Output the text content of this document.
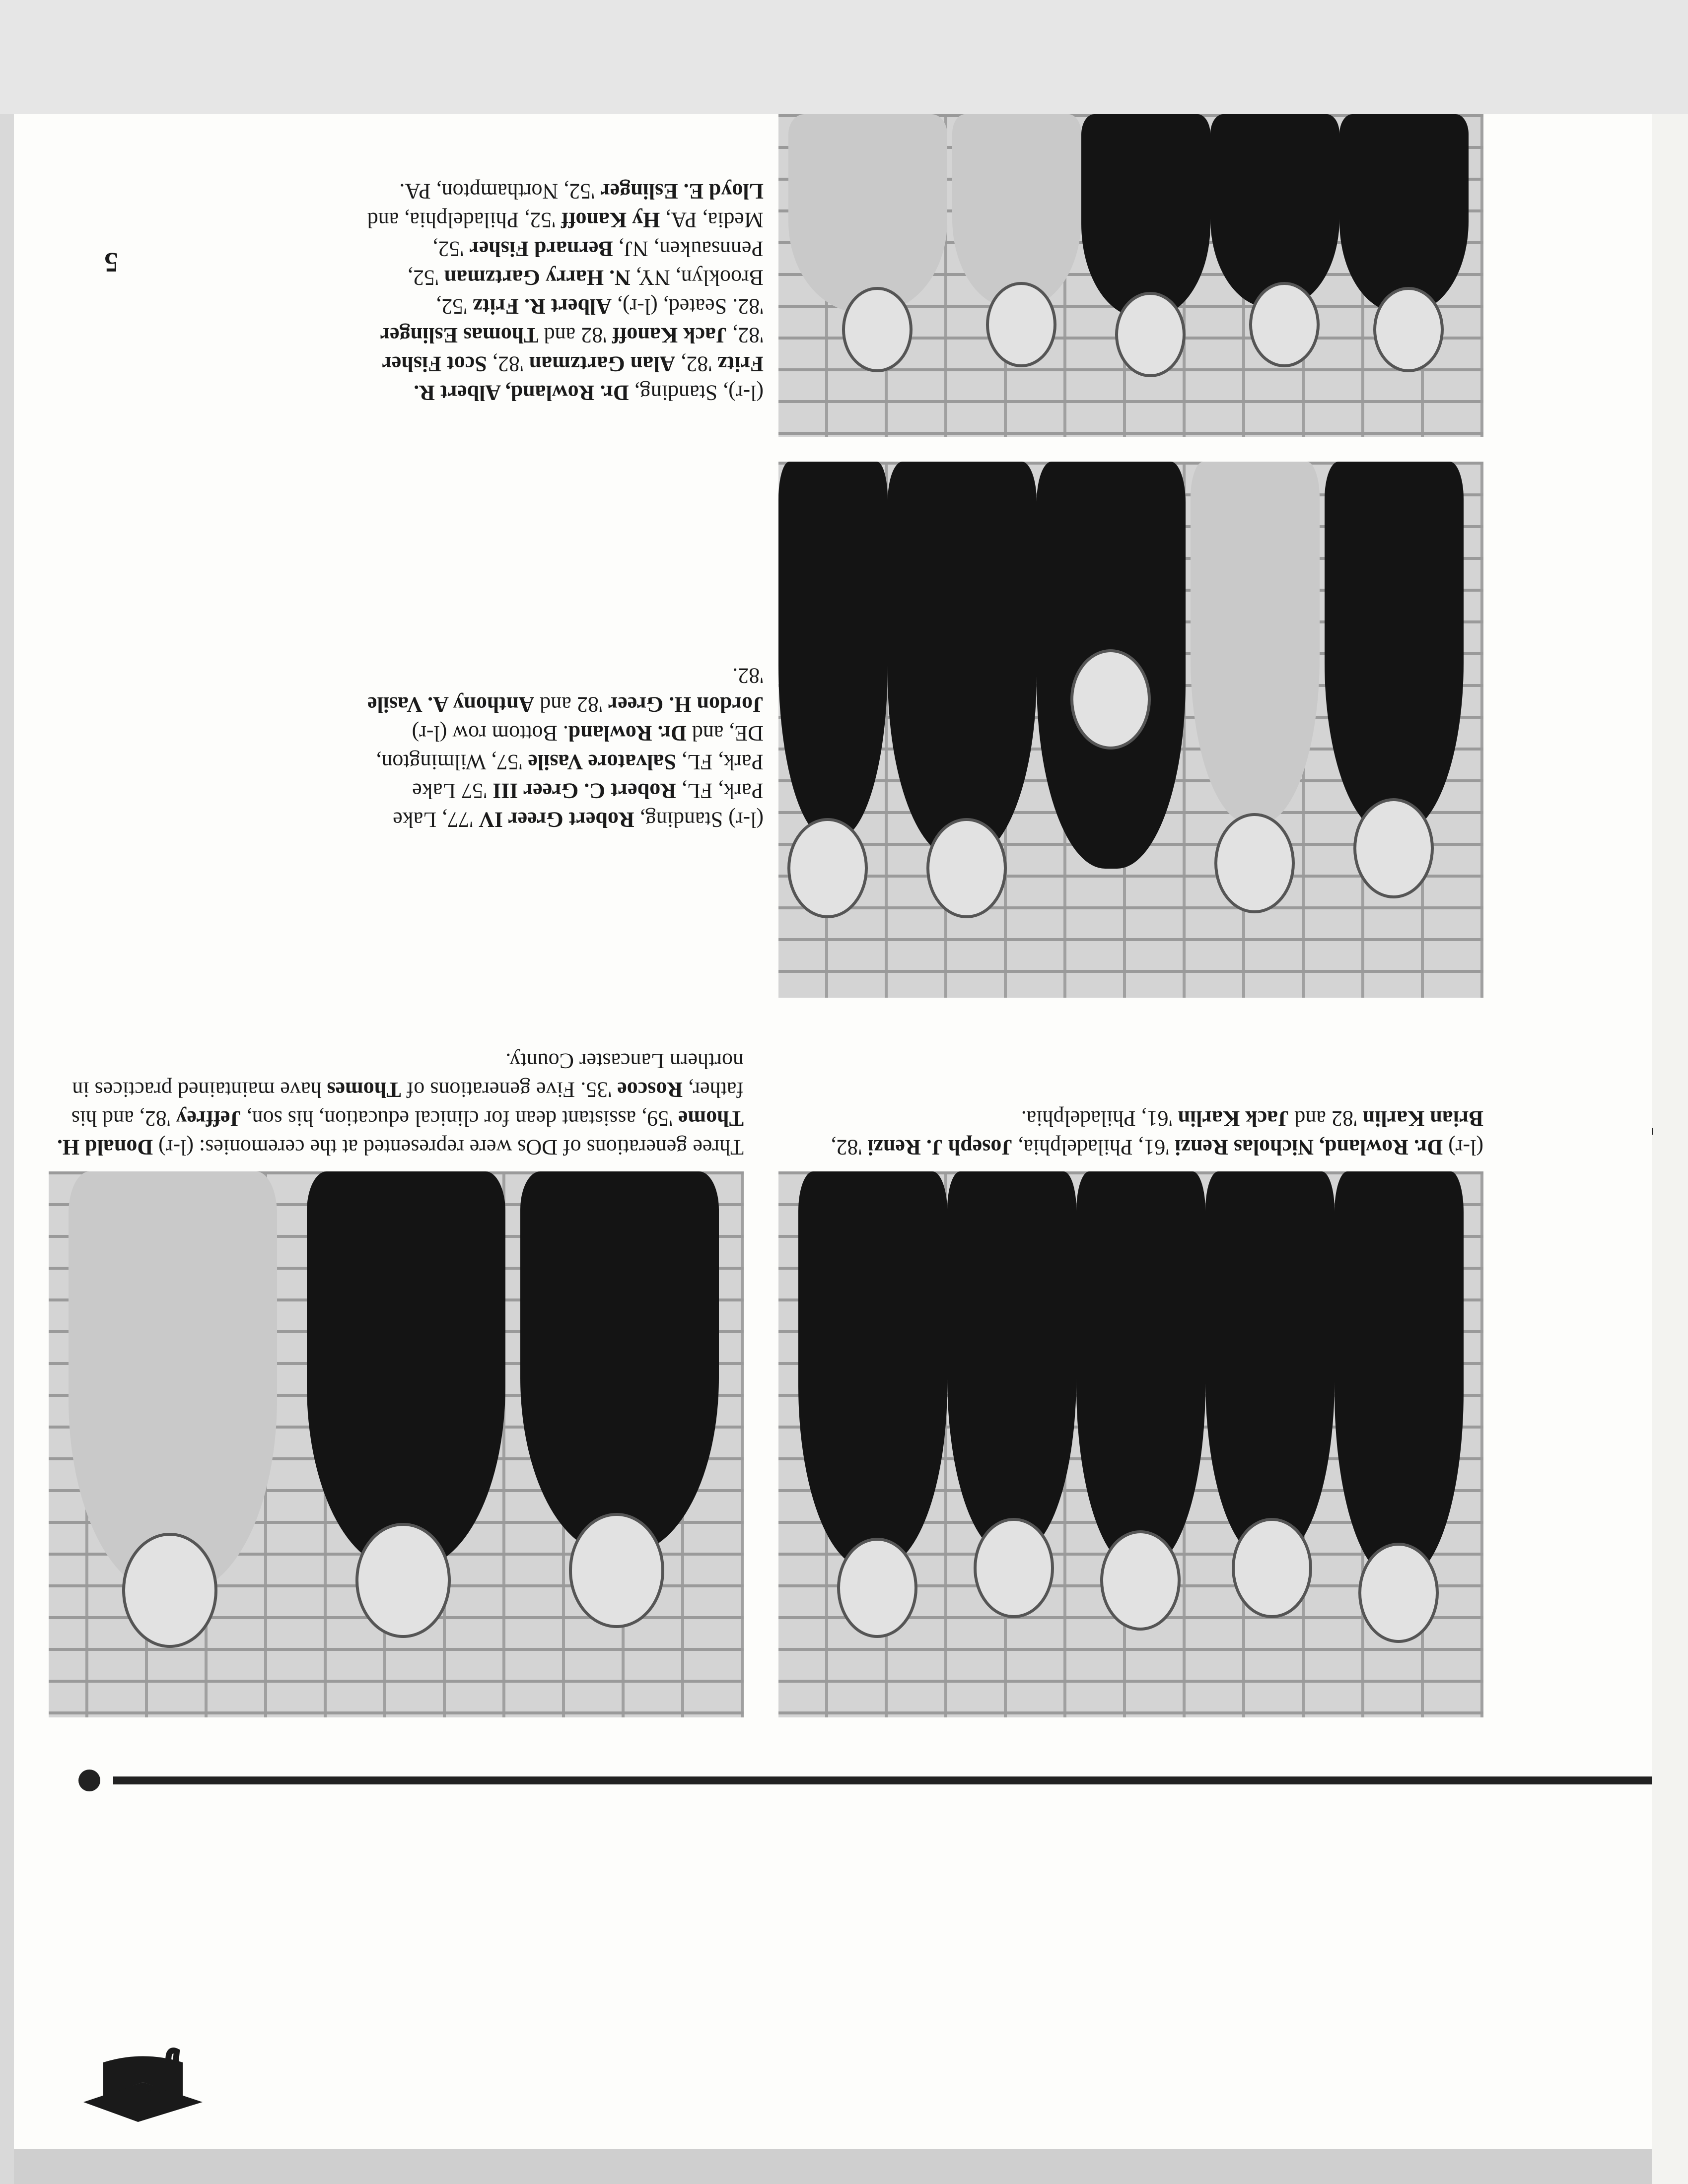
(l-r) Dr. Rowland, Nicholas Renzi '61, Philadelphia, Joseph J. Renzi '82, Brian Karlin '82 and Jack Karlin '61, Philadelphia.

Three generations of DOs were represented at the ceremonies: (l-r) Donald H. Thome '59, assistant dean for clinical education, his son, Jeffrey '82, and his father, Roscoe '35. Five generations of Thomes have maintained practices in northern Lancaster County.

(l-r) Standing, Robert Greer IV '77, Lake Park, FL, Robert C. Greer III '57 Lake Park, FL, Salvatore Vasile '57, Wilmington, DE, and Dr. Rowland. Bottom row (l-r) Jordon H. Greer '82 and Anthony A. Vasile '82.

(l-r), Standing, Dr. Rowland, Albert R. Fritz '82, Alan Gartzman '82, Scot Fisher '82, Jack Kanoff '82 and Thomas Eslinger '82. Seated, (l-r), Albert R. Fritz '52, Brooklyn, NY, N. Harry Gartzman '52, Pennsauken, NJ, Bernard Fisher '52, Media, PA, Hy Kanoff '52, Philadelphia, and Lloyd E. Eslinger '52, Northampton, PA.

5
